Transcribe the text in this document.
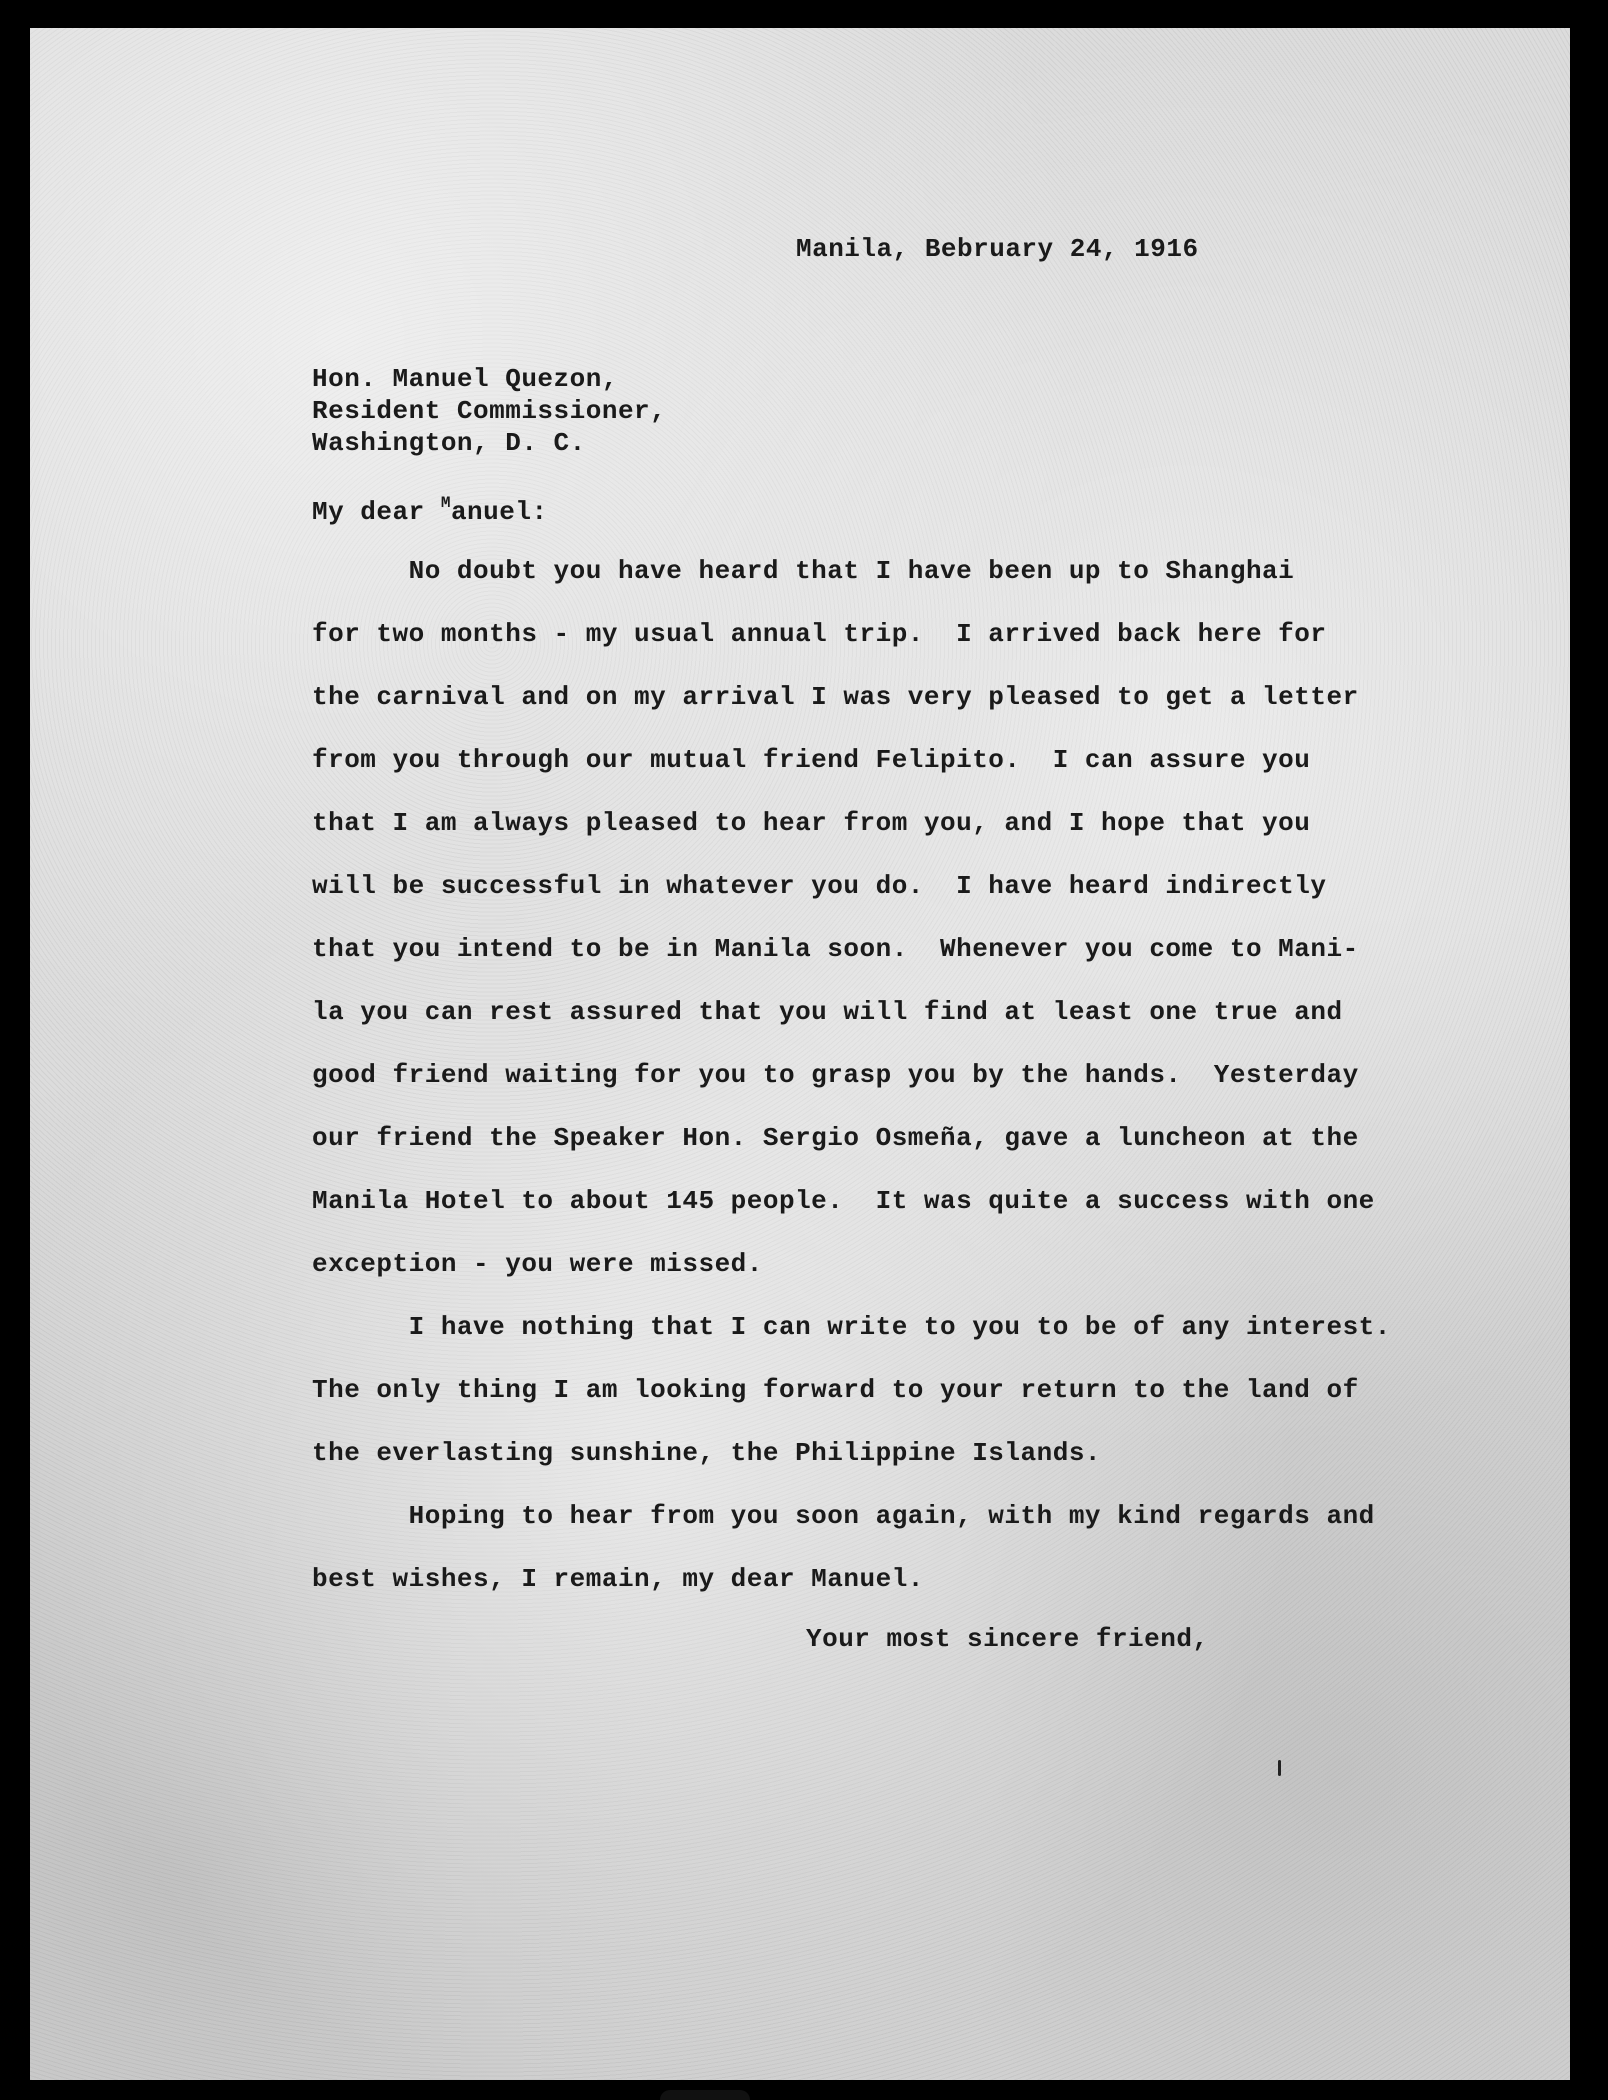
Manila, Bebruary 24, 1916
Hon. Manuel Quezon,
Resident Commissioner,
Washington, D. C.
My dear $^M$anuel:
No doubt you have heard that I have been up to Shanghai
for two months - my usual annual trip.  I arrived back here for
the carnival and on my arrival I was very pleased to get a letter
from you through our mutual friend Felipito.  I can assure you
that I am always pleased to hear from you, and I hope that you
will be successful in whatever you do.  I have heard indirectly
that you intend to be in Manila soon.  Whenever you come to Mani-
la you can rest assured that you will find at least one true and
good friend waiting for you to grasp you by the hands.  Yesterday
our friend the Speaker Hon. Sergio Osmeña, gave a luncheon at the
Manila Hotel to about 145 people.  It was quite a success with one
exception - you were missed.
I have nothing that I can write to you to be of any interest.
The only thing I am looking forward to your return to the land of
the everlasting sunshine, the Philippine Islands.
Hoping to hear from you soon again, with my kind regards and
best wishes, I remain, my dear Manuel.
Your most sincere friend,
